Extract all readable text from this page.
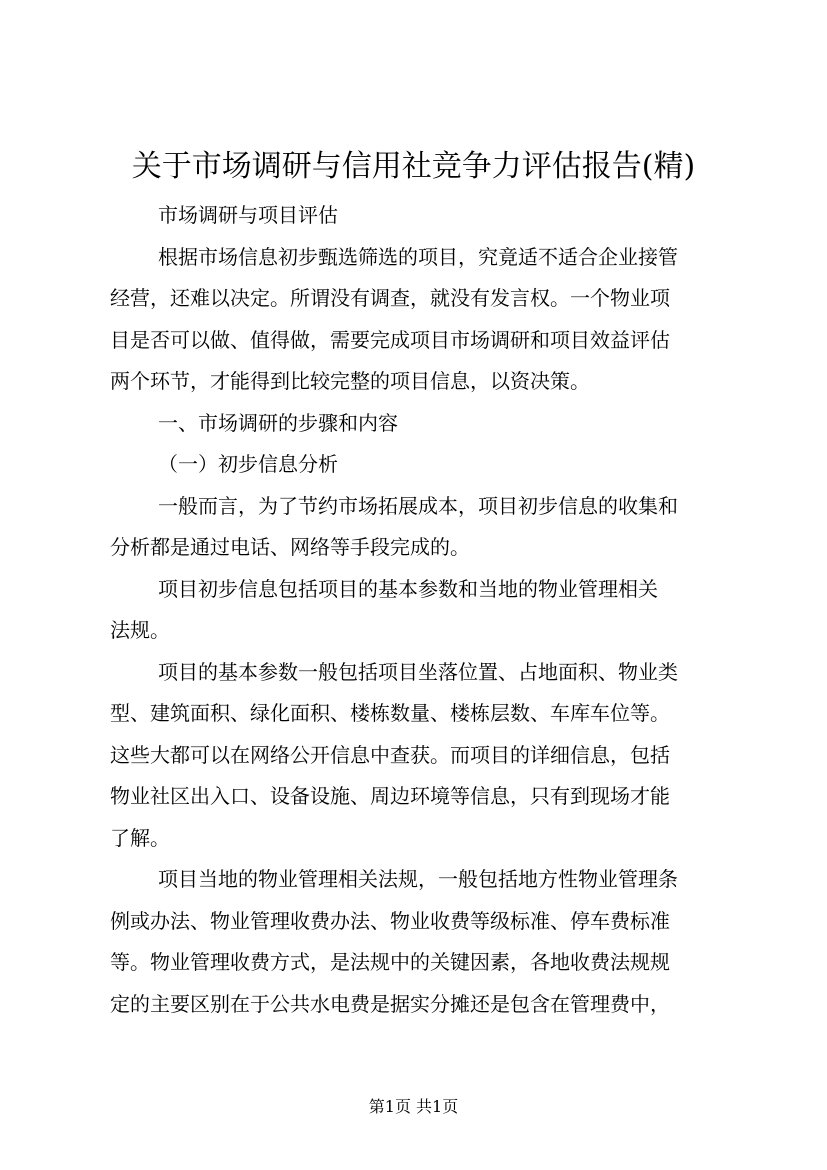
关于市场调研与信用社竞争力评估报告(精)
市场调研与项目评估
根据市场信息初步甄选筛选的项目，究竟适不适合企业接管
经营，还难以决定。所谓没有调查，就没有发言权。一个物业项
目是否可以做、值得做，需要完成项目市场调研和项目效益评估
两个环节，才能得到比较完整的项目信息，以资决策。
一、市场调研的步骤和内容
（一）初步信息分析
一般而言，为了节约市场拓展成本，项目初步信息的收集和
分析都是通过电话、网络等手段完成的。
项目初步信息包括项目的基本参数和当地的物业管理相关
法规。
项目的基本参数一般包括项目坐落位置、占地面积、物业类
型、建筑面积、绿化面积、楼栋数量、楼栋层数、车库车位等。
这些大都可以在网络公开信息中查获。而项目的详细信息，包括
物业社区出入口、设备设施、周边环境等信息，只有到现场才能
了解。
项目当地的物业管理相关法规，一般包括地方性物业管理条
例或办法、物业管理收费办法、物业收费等级标准、停车费标准
等。物业管理收费方式，是法规中的关键因素，各地收费法规规
定的主要区别在于公共水电费是据实分摊还是包含在管理费中，
第1页 共1页
